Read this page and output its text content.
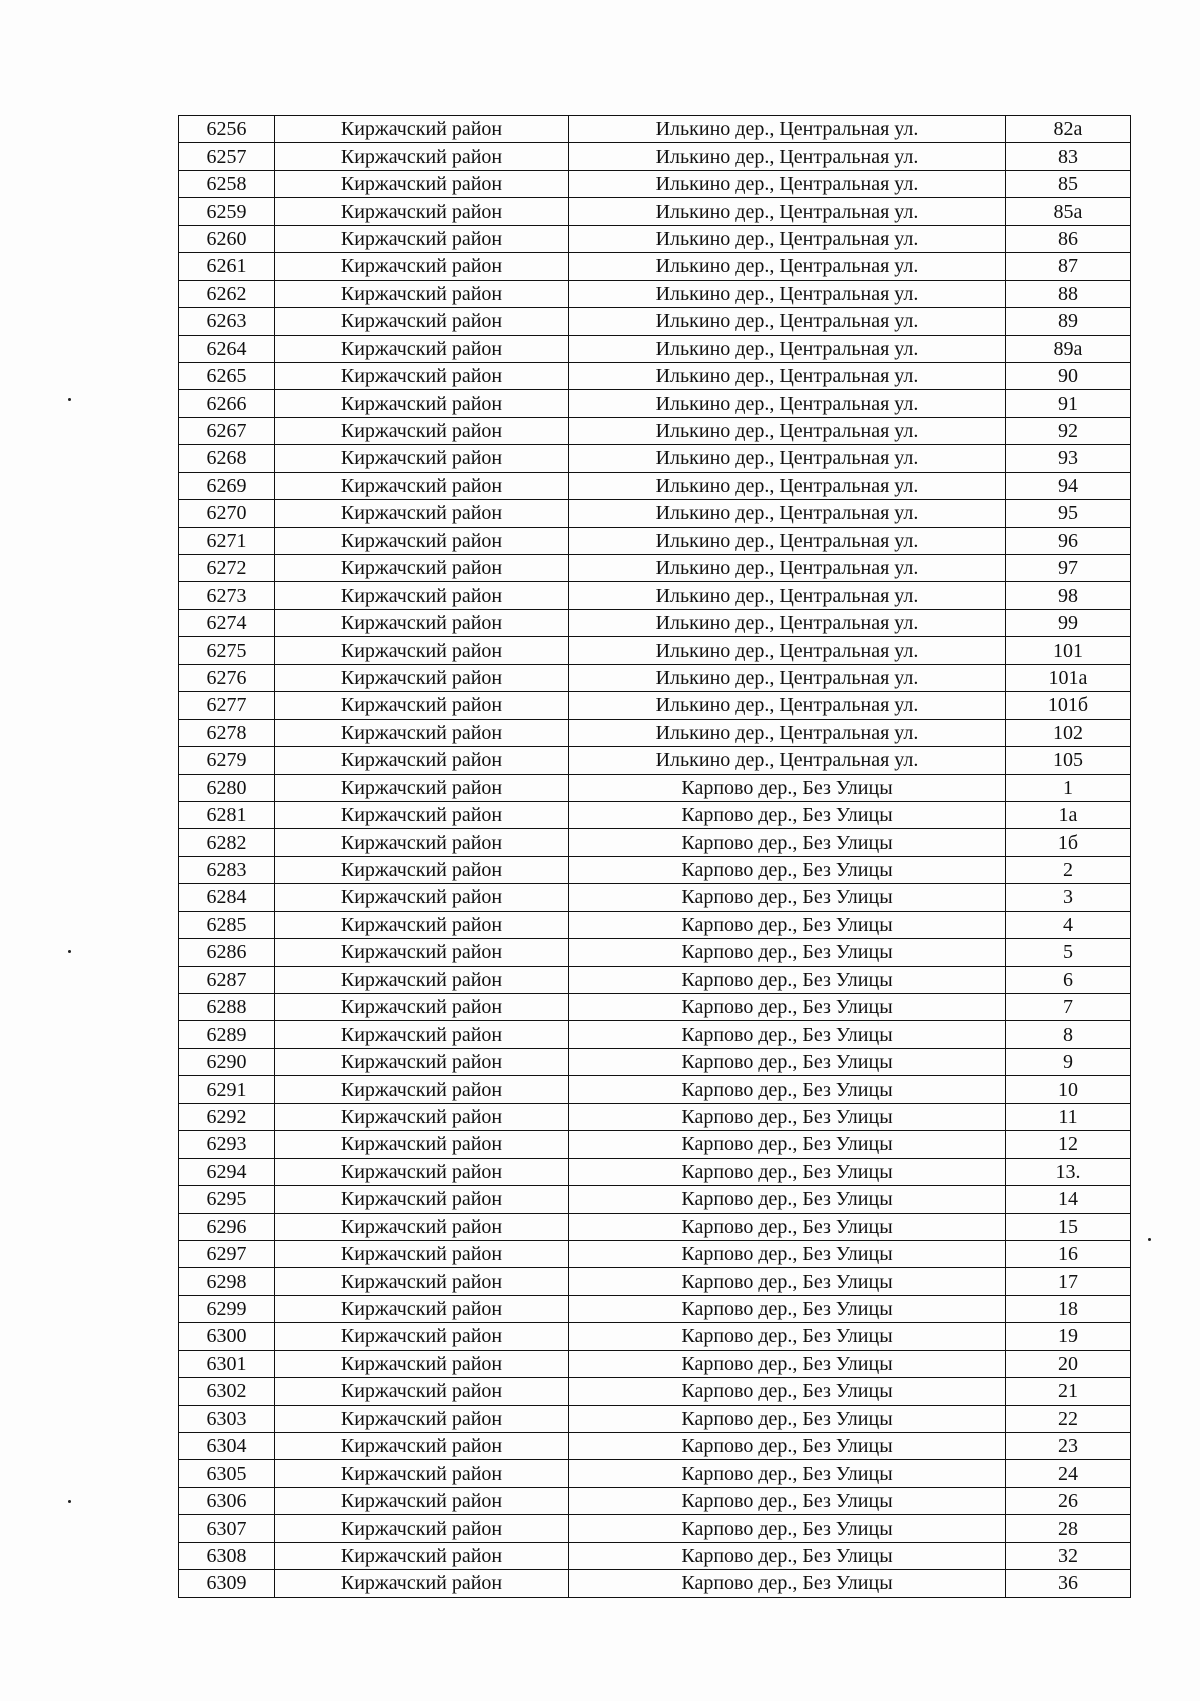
6256	Киржачский район	Илькино дер., Центральная ул.	82а
6257	Киржачский район	Илькино дер., Центральная ул.	83
6258	Киржачский район	Илькино дер., Центральная ул.	85
6259	Киржачский район	Илькино дер., Центральная ул.	85а
6260	Киржачский район	Илькино дер., Центральная ул.	86
6261	Киржачский район	Илькино дер., Центральная ул.	87
6262	Киржачский район	Илькино дер., Центральная ул.	88
6263	Киржачский район	Илькино дер., Центральная ул.	89
6264	Киржачский район	Илькино дер., Центральная ул.	89а
6265	Киржачский район	Илькино дер., Центральная ул.	90
6266	Киржачский район	Илькино дер., Центральная ул.	91
6267	Киржачский район	Илькино дер., Центральная ул.	92
6268	Киржачский район	Илькино дер., Центральная ул.	93
6269	Киржачский район	Илькино дер., Центральная ул.	94
6270	Киржачский район	Илькино дер., Центральная ул.	95
6271	Киржачский район	Илькино дер., Центральная ул.	96
6272	Киржачский район	Илькино дер., Центральная ул.	97
6273	Киржачский район	Илькино дер., Центральная ул.	98
6274	Киржачский район	Илькино дер., Центральная ул.	99
6275	Киржачский район	Илькино дер., Центральная ул.	101
6276	Киржачский район	Илькино дер., Центральная ул.	101а
6277	Киржачский район	Илькино дер., Центральная ул.	101б
6278	Киржачский район	Илькино дер., Центральная ул.	102
6279	Киржачский район	Илькино дер., Центральная ул.	105
6280	Киржачский район	Карпово дер., Без Улицы	1
6281	Киржачский район	Карпово дер., Без Улицы	1а
6282	Киржачский район	Карпово дер., Без Улицы	1б
6283	Киржачский район	Карпово дер., Без Улицы	2
6284	Киржачский район	Карпово дер., Без Улицы	3
6285	Киржачский район	Карпово дер., Без Улицы	4
6286	Киржачский район	Карпово дер., Без Улицы	5
6287	Киржачский район	Карпово дер., Без Улицы	6
6288	Киржачский район	Карпово дер., Без Улицы	7
6289	Киржачский район	Карпово дер., Без Улицы	8
6290	Киржачский район	Карпово дер., Без Улицы	9
6291	Киржачский район	Карпово дер., Без Улицы	10
6292	Киржачский район	Карпово дер., Без Улицы	11
6293	Киржачский район	Карпово дер., Без Улицы	12
6294	Киржачский район	Карпово дер., Без Улицы	13.
6295	Киржачский район	Карпово дер., Без Улицы	14
6296	Киржачский район	Карпово дер., Без Улицы	15
6297	Киржачский район	Карпово дер., Без Улицы	16
6298	Киржачский район	Карпово дер., Без Улицы	17
6299	Киржачский район	Карпово дер., Без Улицы	18
6300	Киржачский район	Карпово дер., Без Улицы	19
6301	Киржачский район	Карпово дер., Без Улицы	20
6302	Киржачский район	Карпово дер., Без Улицы	21
6303	Киржачский район	Карпово дер., Без Улицы	22
6304	Киржачский район	Карпово дер., Без Улицы	23
6305	Киржачский район	Карпово дер., Без Улицы	24
6306	Киржачский район	Карпово дер., Без Улицы	26
6307	Киржачский район	Карпово дер., Без Улицы	28
6308	Киржачский район	Карпово дер., Без Улицы	32
6309	Киржачский район	Карпово дер., Без Улицы	36
